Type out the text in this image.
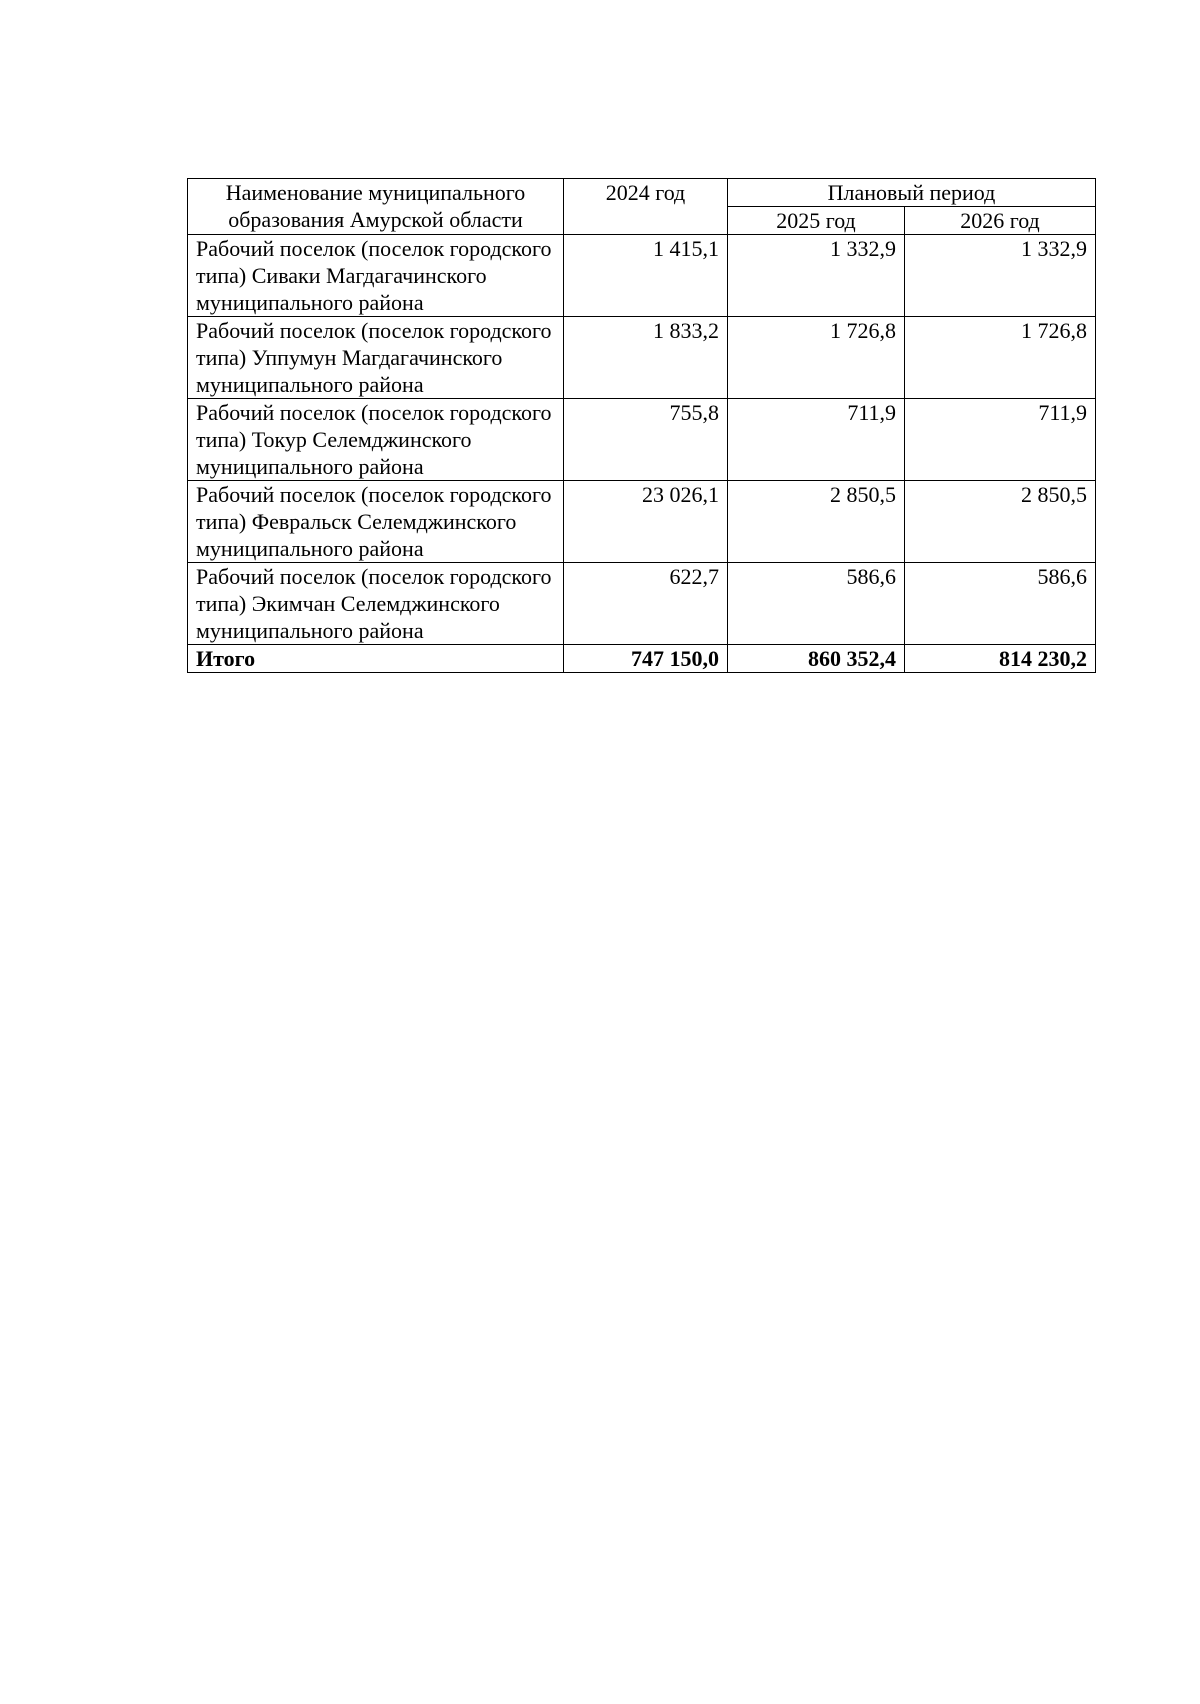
Наименование муниципального образования Амурской области	2024 год	Плановый период	
		2025 год	2026 год
Рабочий поселок (поселок городского типа) Сиваки Магдагачинского муниципального района	1 415,1	1 332,9	1 332,9
Рабочий поселок (поселок городского типа) Уппумун Магдагачинского муниципального района	1 833,2	1 726,8	1 726,8
Рабочий поселок (поселок городского типа) Токур Селемджинского муниципального района	755,8	711,9	711,9
Рабочий поселок (поселок городского типа) Февральск Селемджинского муниципального района	23 026,1	2 850,5	2 850,5
Рабочий поселок (поселок городского типа) Экимчан Селемджинского муниципального района	622,7	586,6	586,6
Итого	747 150,0	860 352,4	814 230,2
